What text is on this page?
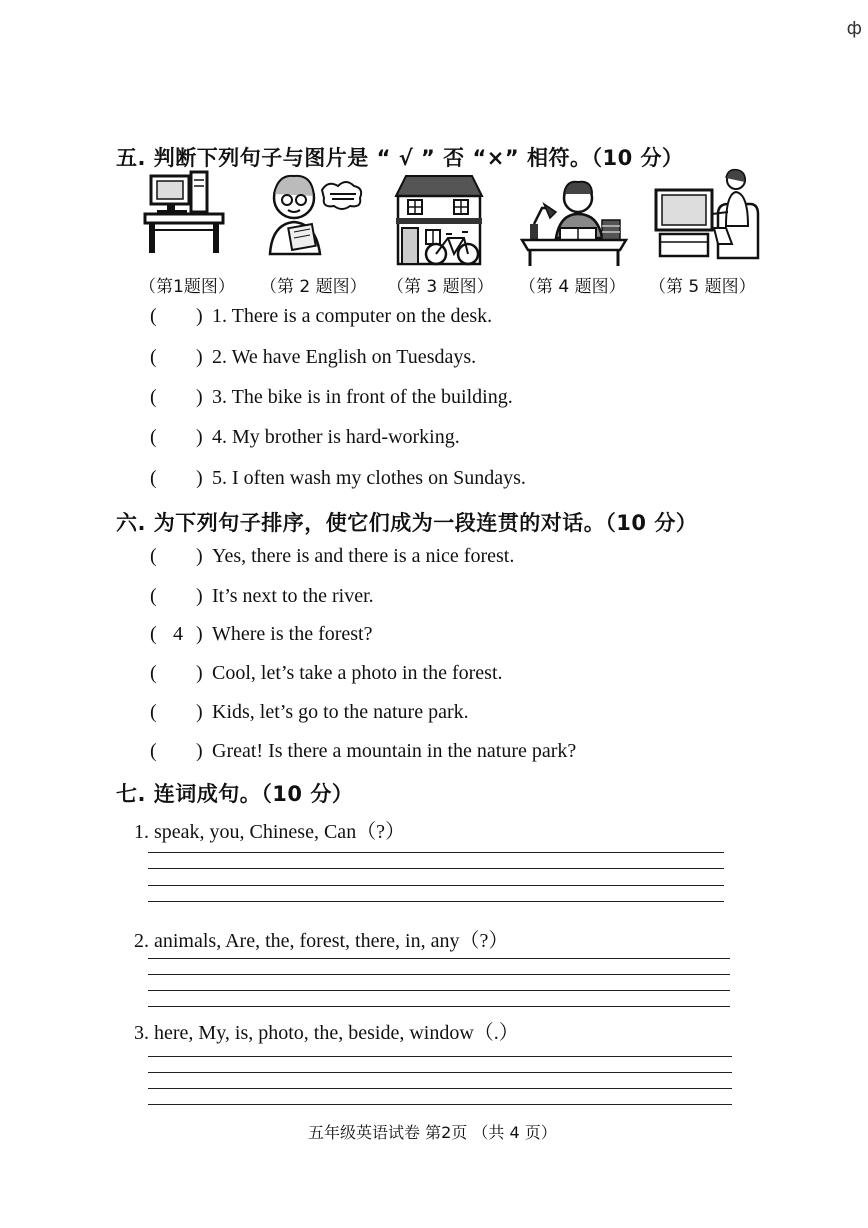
ф
五. 判断下列句子与图片是 “ √ ” 否 “×” 相符。（10 分）
（第1题图） （第 2 题图） （第 3 题图） （第 4 题图） （第 5 题图）
( ) 1. There is a computer on the desk.
( ) 2. We have English on Tuesdays.
( ) 3. The bike is in front of the building.
( ) 4. My brother is hard-working.
( ) 5. I often wash my clothes on Sundays.
六. 为下列句子排序，使它们成为一段连贯的对话。（10 分）
( ) Yes, there is and there is a nice forest.
( ) It’s next to the river.
( 4 ) Where is the forest?
( ) Cool, let’s take a photo in the forest.
( ) Kids, let’s go to the nature park.
( ) Great! Is there a mountain in the nature park?
七. 连词成句。（10 分）
1. speak, you, Chinese, Can（?）
2. animals, Are, the, forest, there, in, any（?）
3. here, My, is, photo, the, beside, window（.）
五年级英语试卷 第2页 （共 4 页）
